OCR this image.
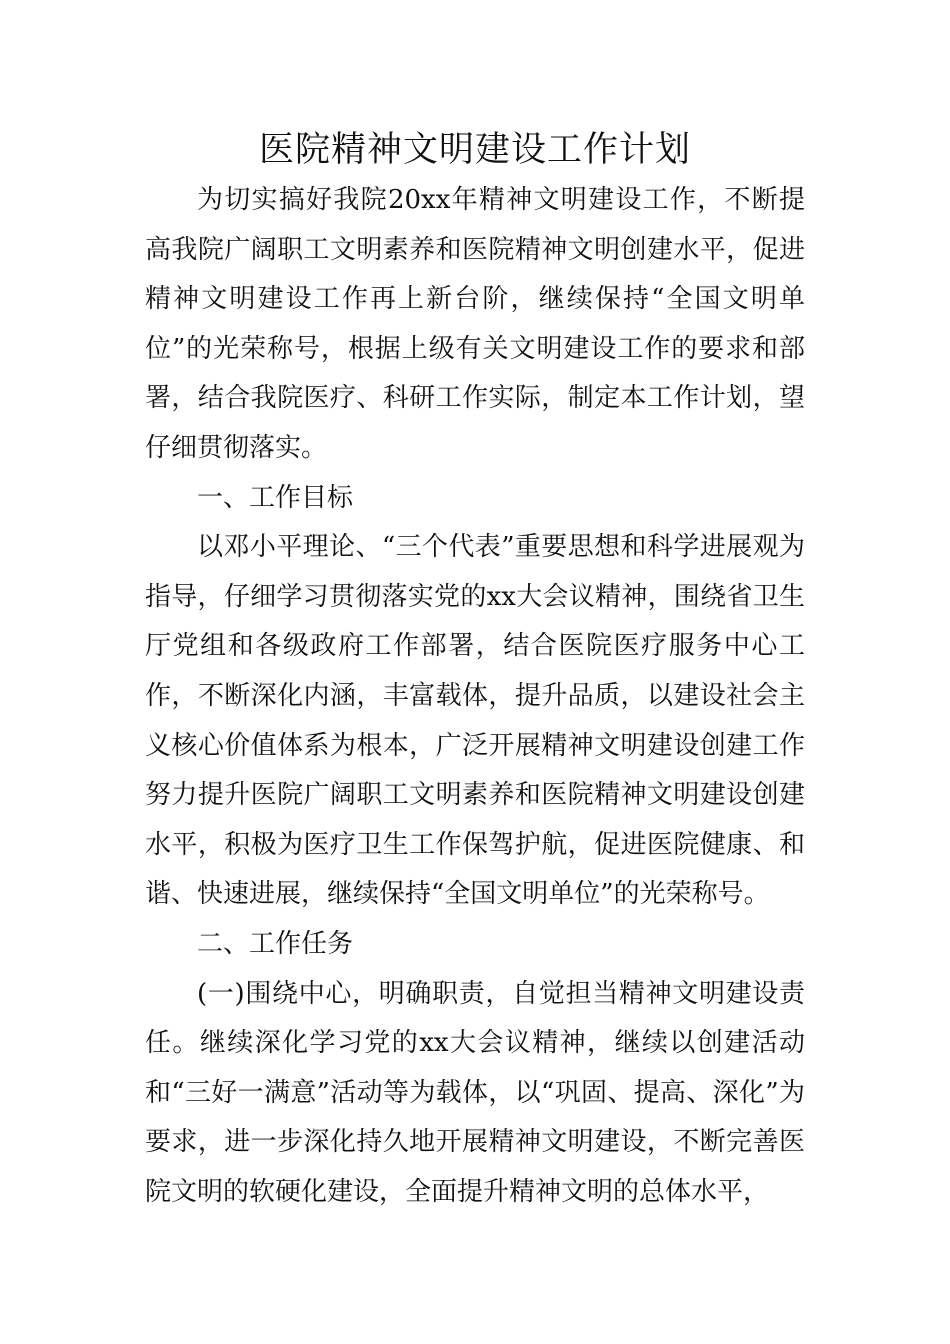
医院精神文明建设工作计划

为切实搞好我院20xx年精神文明建设工作，不断提高我院广阔职工文明素养和医院精神文明创建水平，促进精神文明建设工作再上新台阶，继续保持“全国文明单位”的光荣称号，根据上级有关文明建设工作的要求和部署，结合我院医疗、科研工作实际，制定本工作计划，望仔细贯彻落实。

一、工作目标

以邓小平理论、“三个代表”重要思想和科学进展观为指导，仔细学习贯彻落实党的xx大会议精神，围绕省卫生厅党组和各级政府工作部署，结合医院医疗服务中心工作，不断深化内涵，丰富载体，提升品质，以建设社会主义核心价值体系为根本，广泛开展精神文明建设创建工作努力提升医院广阔职工文明素养和医院精神文明建设创建水平，积极为医疗卫生工作保驾护航，促进医院健康、和谐、快速进展，继续保持“全国文明单位”的光荣称号。

二、工作任务

(一)围绕中心，明确职责，自觉担当精神文明建设责任。继续深化学习党的xx大会议精神，继续以创建活动和“三好一满意”活动等为载体，以“巩固、提高、深化”为要求，进一步深化持久地开展精神文明建设，不断完善医院文明的软硬化建设，全面提升精神文明的总体水平，
